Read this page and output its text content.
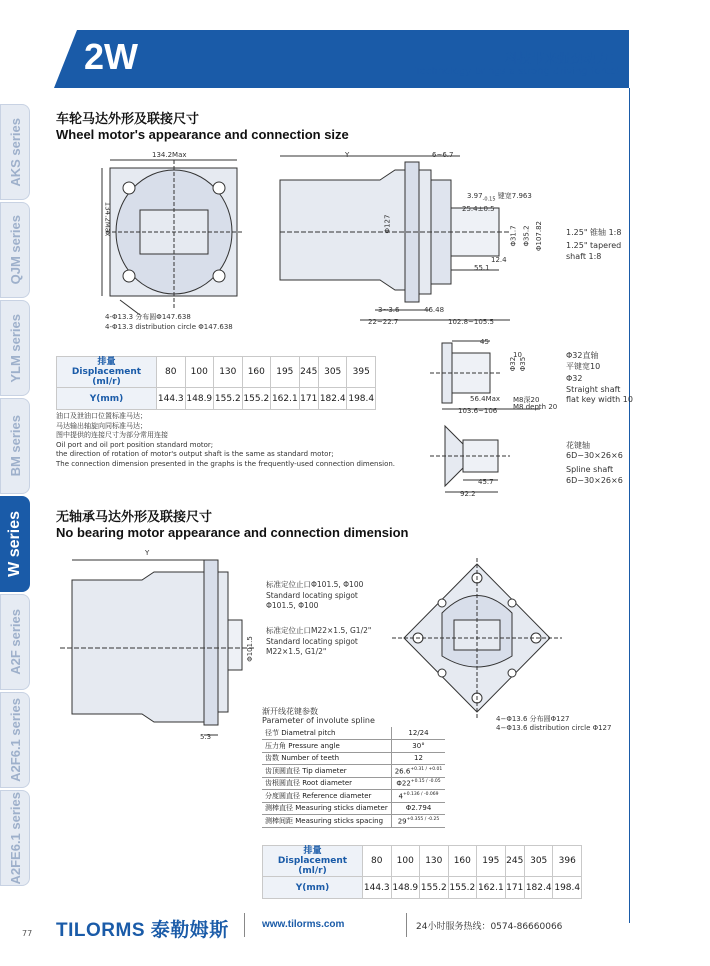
2W	科技带来强劲动力！
Technology brings a strong driving force!
AKS series
QJM series
YLM series
BM series
W series
A2F series
A2F6.1 series
A2FE6.1 series
车轮马达外形及联接尺寸
Wheel motor's appearance and connection size
134.2Max
134.2Max
4-Φ13.3 分布圆Φ147.638
4-Φ13.3 distribution circle Φ147.638
Y	6~6.7
$3.97_{-0.15}$ 键宽7.963
25.4±0.5
Φ127
Φ31.7 Φ35.2 Φ107.82
55.1
12.4
3~3.6	46.48
22~22.7	102.8~105.5
1.25" 锥轴 1:8
1.25" tapered
shaft 1:8
排量
Displacement
(ml/r)	80	100	130	160	195	245	305	395
Y(mm)	144.3	148.9	155.2	155.2	162.1	171	182.4	198.4
油口及泄油口位置标准马达；
马达输出轴旋向同标准马达；
图中提供的连接尺寸为部分常用连接
Oil port and oil port position standard motor;
the direction of rotation of motor's output shaft is the same as standard motor;
The connection dimension presented in the graphs is the frequently-used connection dimension.
45
Φ35
Φ32
10
56.4Max M8深20
M8 depth 20
103.6~106
Φ32直轴
平键宽10
Φ32
Straight shaft
flat key width 10
45.7
92.2
花键轴
6D−30×26×6
Spline shaft
6D−30×26×6
无轴承马达外形及联接尺寸
No bearing motor appearance and connection dimension
Y
5.3
Φ101.5
标准定位止口Φ101.5, Φ100
Standard locating spigot
Φ101.5, Φ100
标准定位止口M22×1.5, G1/2"
Standard locating spigot
M22×1.5, G1/2"
4−Φ13.6 分布圆Φ127
4−Φ13.6 distribution circle Φ127
渐开线花键参数
Parameter of involute spline
径节 Diametral pitch	12/24
压力角 Pressure angle	30°
齿数 Number of teeth	12
齿顶圆直径 Tip diameter	$26.6^{+0.31 / +0.01}$
齿根圆直径 Root diameter	$\Phi 22^{+0.15 / -0.05}$
分度圆直径 Reference diameter	$4^{+0.136 / -0.069}$
测棒直径 Measuring sticks diameter	Φ2.794
测棒间距 Measuring sticks spacing	$29^{+0.355 / -0.25}$
排量
Displacement
(ml/r)	80	100	130	160	195	245	305	396
Y(mm)	144.3	148.9	155.2	155.2	162.1	171	182.4	198.4
77 TILORMS 泰勒姆斯	www.tilorms.com	24小时服务热线：0574-86660066
